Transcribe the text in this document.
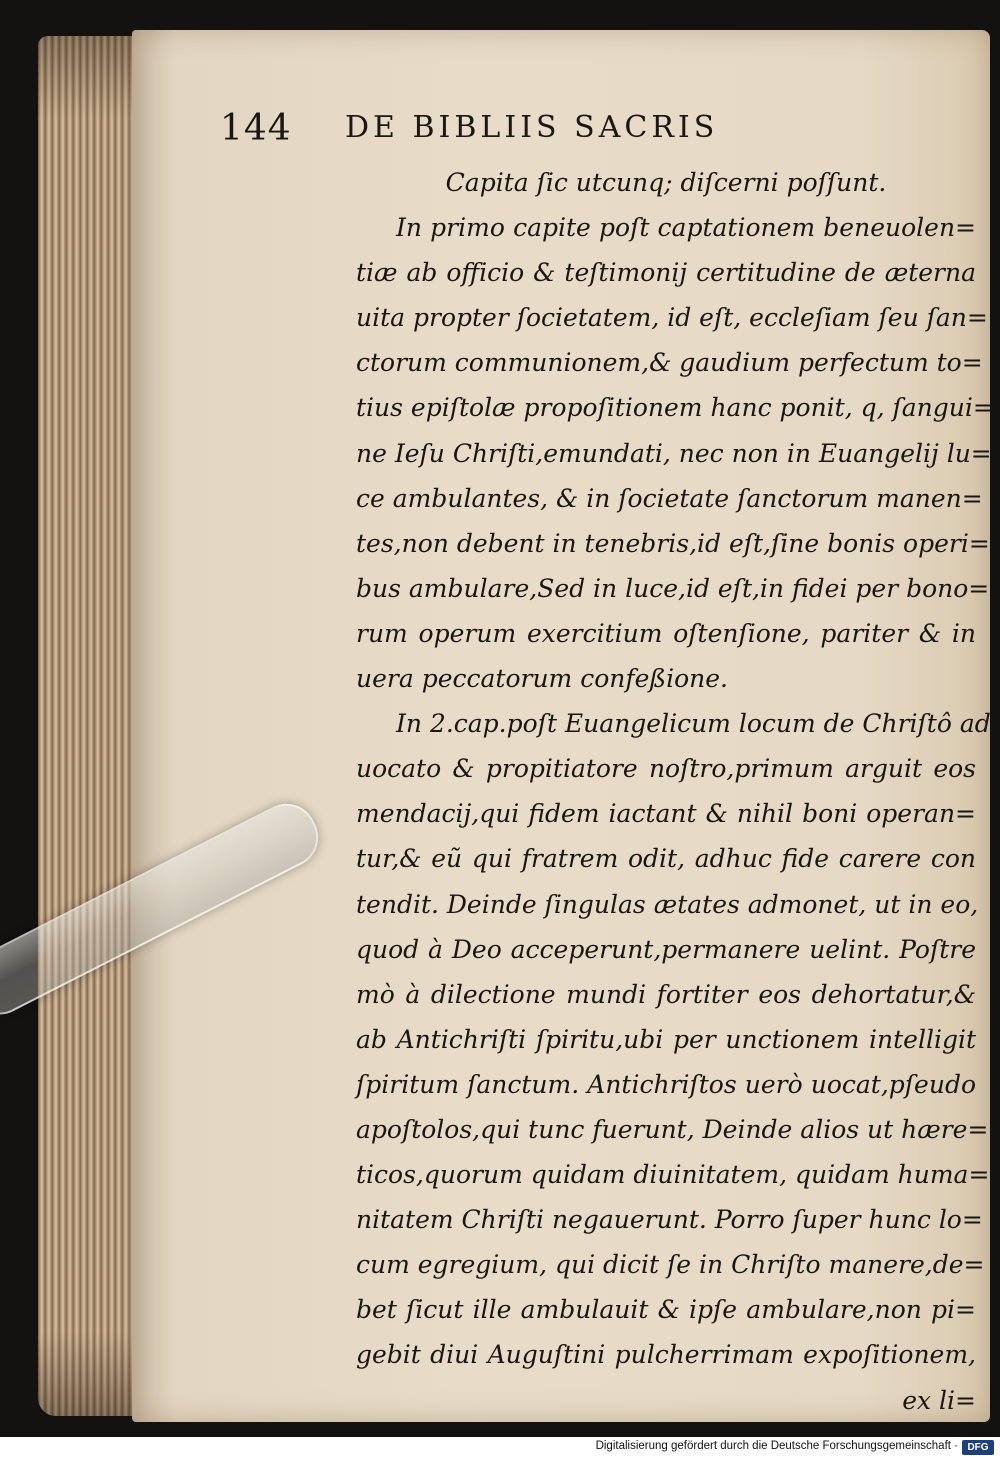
144 DE BIBLIIS SACRIS
Capita ſic utcunq; diſcerni poſſunt.
In primo capite poſt captationem beneuolen=
tiæ ab officio & teſtimonij certitudine de æterna
uita propter ſocietatem, id eſt, eccleſiam ſeu ſan=
ctorum communionem,& gaudium perfectum to=
tius epiſtolæ propoſitionem hanc ponit, q, ſangui=
ne Ieſu Chriſti,emundati, nec non in Euangelij lu=
ce ambulantes, & in ſocietate ſanctorum manen=
tes,non debent in tenebris,id eſt,ſine bonis operi=
bus ambulare,Sed in luce,id eſt,in fidei per bono=
rum operum exercitium oſtenſione, pariter & in
uera peccatorum confeßione.
In 2.cap.poſt Euangelicum locum de Chriſtô ad
uocato & propitiatore noſtro,primum arguit eos
mendacij,qui fidem iactant & nihil boni operan=
tur,& eũ qui fratrem odit, adhuc fide carere con
tendit. Deinde ſingulas ætates admonet, ut in eo,
quod à Deo acceperunt,permanere uelint. Poſtre
mò à dilectione mundi fortiter eos dehortatur,&
ab Antichriſti ſpiritu,ubi per unctionem intelligit
ſpiritum ſanctum. Antichriſtos uerò uocat,pſeudo
apoſtolos,qui tunc fuerunt, Deinde alios ut hære=
ticos,quorum quidam diuinitatem, quidam huma=
nitatem Chriſti negauerunt. Porro ſuper hunc lo=
cum egregium, qui dicit ſe in Chriſto manere,de=
bet ſicut ille ambulauit & ipſe ambulare,non pi=
gebit diui Auguſtini pulcherrimam expoſitionem,
ex li=
Digitalisierung gefördert durch die Deutsche Forschungsgemeinschaft · DFG
